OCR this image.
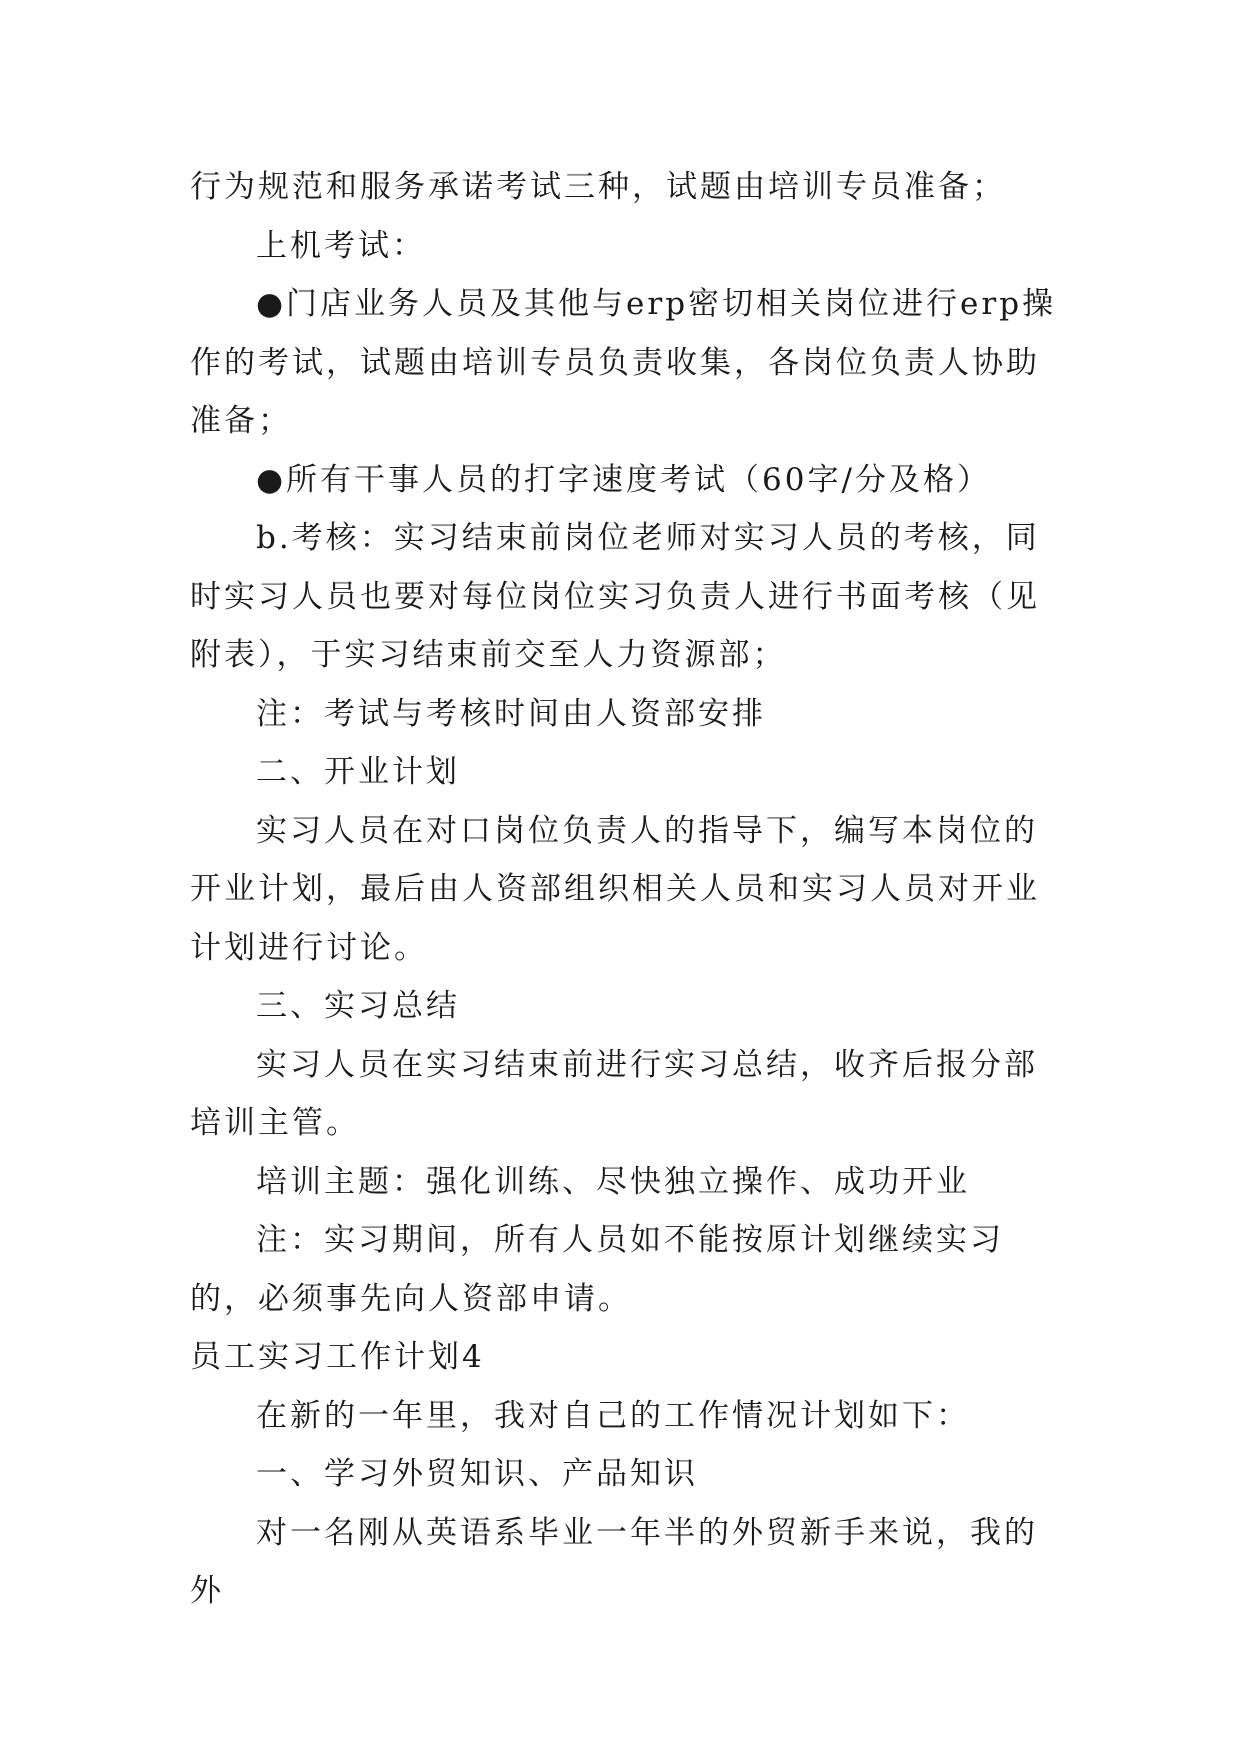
行为规范和服务承诺考试三种，试题由培训专员准备；

上机考试：

●门店业务人员及其他与erp密切相关岗位进行erp操作的考试，试题由培训专员负责收集，各岗位负责人协助准备；

●所有干事人员的打字速度考试（60字/分及格）

b.考核：实习结束前岗位老师对实习人员的考核，同时实习人员也要对每位岗位实习负责人进行书面考核（见附表），于实习结束前交至人力资源部；

注：考试与考核时间由人资部安排

二、开业计划

实习人员在对口岗位负责人的指导下，编写本岗位的开业计划，最后由人资部组织相关人员和实习人员对开业计划进行讨论。

三、实习总结

实习人员在实习结束前进行实习总结，收齐后报分部培训主管。

培训主题：强化训练、尽快独立操作、成功开业

注：实习期间，所有人员如不能按原计划继续实习的，必须事先向人资部申请。

员工实习工作计划4

在新的一年里，我对自己的工作情况计划如下：

一、学习外贸知识、产品知识

对一名刚从英语系毕业一年半的外贸新手来说，我的外
